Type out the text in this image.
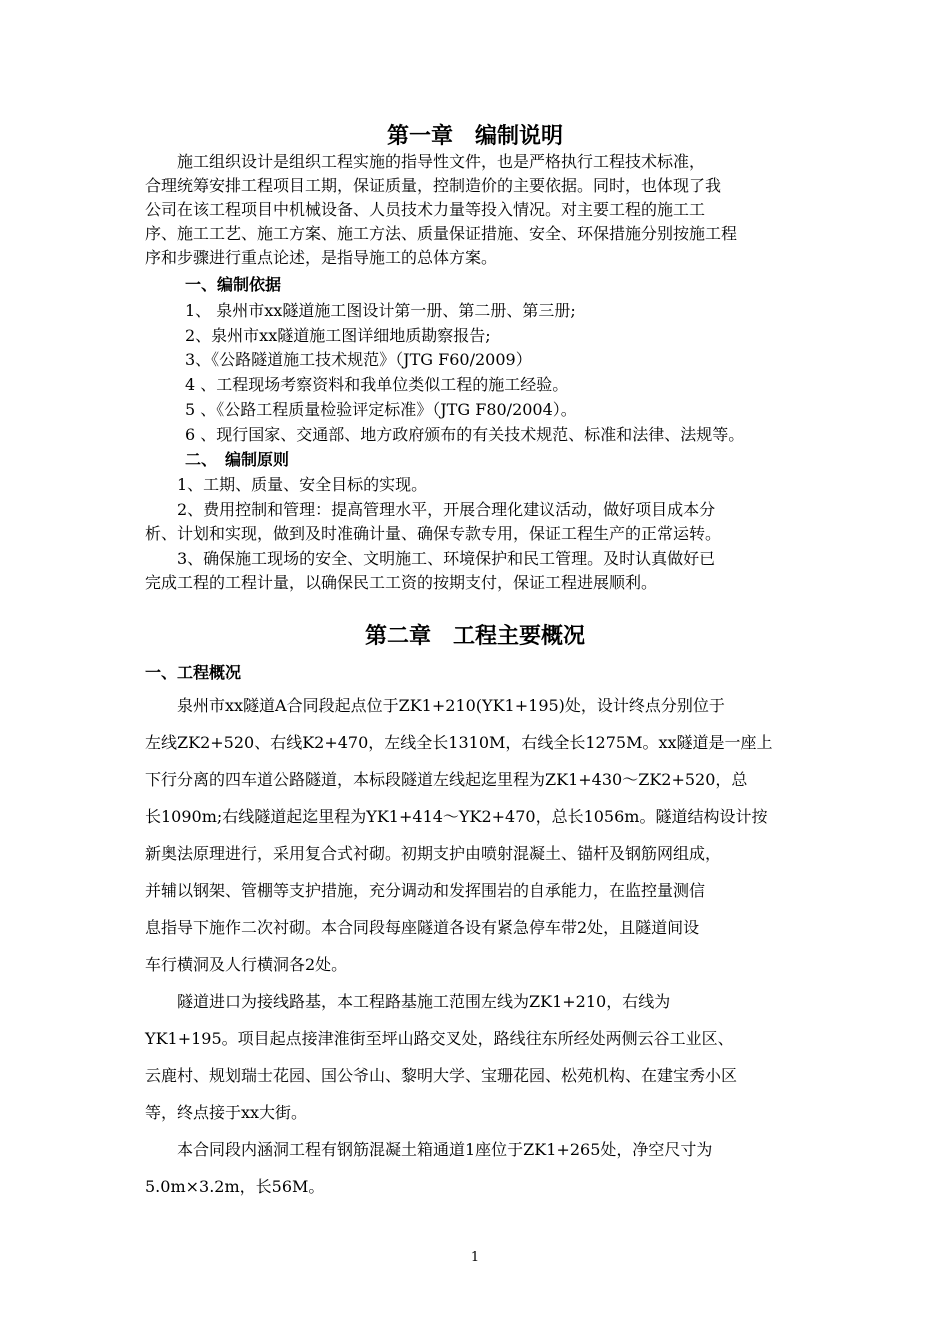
第一章　编制说明
　　施工组织设计是组织工程实施的指导性文件，也是严格执行工程技术标准，
合理统筹安排工程项目工期，保证质量，控制造价的主要依据。同时，也体现了我
公司在该工程项目中机械设备、人员技术力量等投入情况。对主要工程的施工工
序、施工工艺、施工方案、施工方法、质量保证措施、安全、环保措施分别按施工程
序和步骤进行重点论述，是指导施工的总体方案。
一、编制依据
1、 泉州市xx隧道施工图设计第一册、第二册、第三册;
2、泉州市xx隧道施工图详细地质勘察报告;
3、《公路隧道施工技术规范》（JTG F60/2009）
4 、工程现场考察资料和我单位类似工程的施工经验。
5 、《公路工程质量检验评定标准》（JTG F80/2004）。
6 、现行国家、交通部、地方政府颁布的有关技术规范、标准和法律、法规等。
二、　编制原则
　　1、工期、质量、安全目标的实现。
　　2、费用控制和管理：提高管理水平，开展合理化建议活动，做好项目成本分
析、计划和实现，做到及时准确计量、确保专款专用，保证工程生产的正常运转。
　　3、确保施工现场的安全、文明施工、环境保护和民工管理。及时认真做好已
完成工程的工程计量，以确保民工工资的按期支付，保证工程进展顺利。
第二章　工程主要概况
一、工程概况
　　泉州市xx隧道A合同段起点位于ZK1+210(YK1+195)处，设计终点分别位于
左线ZK2+520、右线K2+470，左线全长1310M，右线全长1275M。xx隧道是一座上
下行分离的四车道公路隧道，本标段隧道左线起迄里程为ZK1+430～ZK2+520，总
长1090m;右线隧道起迄里程为YK1+414～YK2+470，总长1056m。隧道结构设计按
新奥法原理进行，采用复合式衬砌。初期支护由喷射混凝土、锚杆及钢筋网组成，
并辅以钢架、管棚等支护措施，充分调动和发挥围岩的自承能力，在监控量测信
息指导下施作二次衬砌。本合同段每座隧道各设有紧急停车带2处，且隧道间设
车行横洞及人行横洞各2处。
　　隧道进口为接线路基，本工程路基施工范围左线为ZK1+210，右线为
YK1+195。项目起点接津淮街至坪山路交叉处，路线往东所经处两侧云谷工业区、
云鹿村、规划瑞士花园、国公爷山、黎明大学、宝珊花园、松苑机构、在建宝秀小区
等，终点接于xx大街。
　　本合同段内涵洞工程有钢筋混凝土箱通道1座位于ZK1+265处，净空尺寸为
5.0m×3.2m，长56M。
1
